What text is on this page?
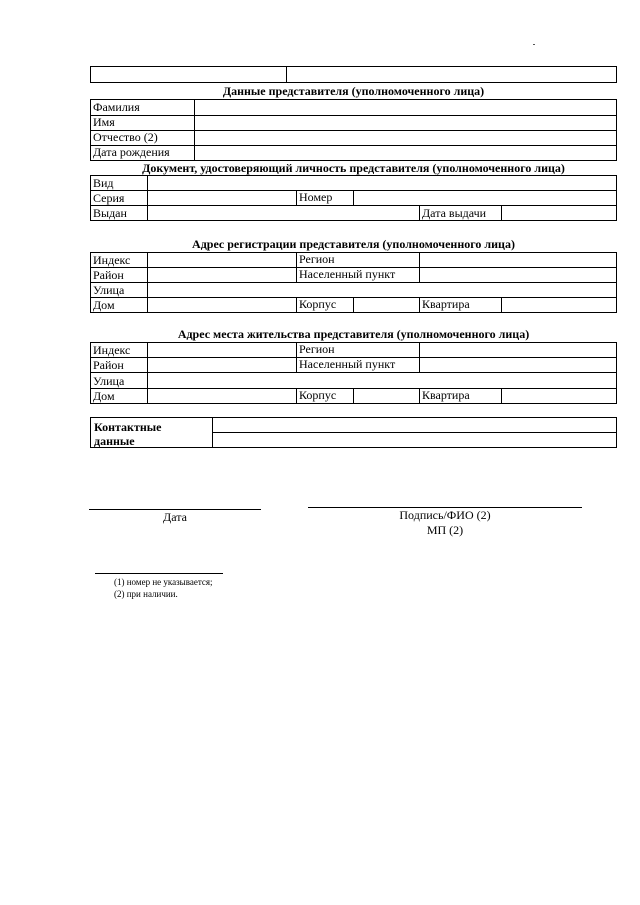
Данные представителя (уполномоченного лица)
Фамилия
Имя
Отчество (2)
Дата рождения
Документ, удостоверяющий личность представителя (уполномоченного лица)
Вид
Серия	Номер
Выдан	Дата выдачи
Адрес регистрации представителя (уполномоченного лица)
Индекс	Регион
Район	Населенный пункт
Улица
Дом	Корпус	Квартира
Адрес места жительства представителя (уполномоченного лица)
Индекс	Регион
Район	Населенный пункт
Улица
Дом	Корпус	Квартира
Контактные
данные
Дата	Подпись/ФИО (2)
МП (2)
(1) номер не указывается;
(2) при наличии.
